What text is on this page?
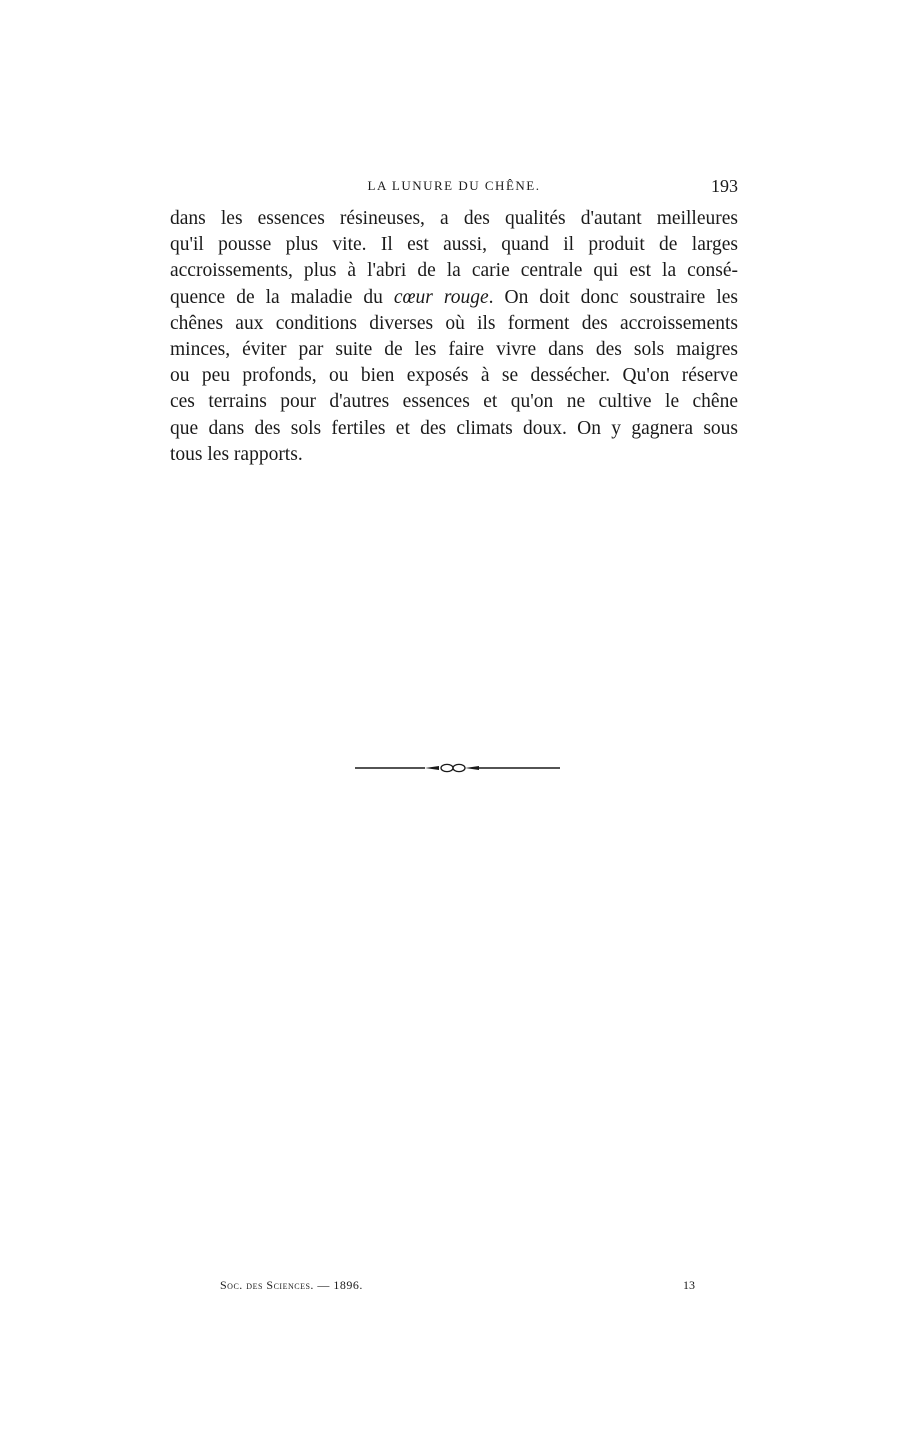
LA LUNURE DU CHÊNE.	193

dans les essences résineuses, a des qualités d'autant meilleures
qu'il pousse plus vite. Il est aussi, quand il produit de larges
accroissements, plus à l'abri de la carie centrale qui est la consé-
quence de la maladie du cœur rouge. On doit donc soustraire les
chênes aux conditions diverses où ils forment des accroissements
minces, éviter par suite de les faire vivre dans des sols maigres
ou peu profonds, ou bien exposés à se dessécher. Qu'on réserve
ces terrains pour d'autres essences et qu'on ne cultive le chêne
que dans des sols fertiles et des climats doux. On y gagnera sous
tous les rapports.

Soc. des Sciences. — 1896.	13
